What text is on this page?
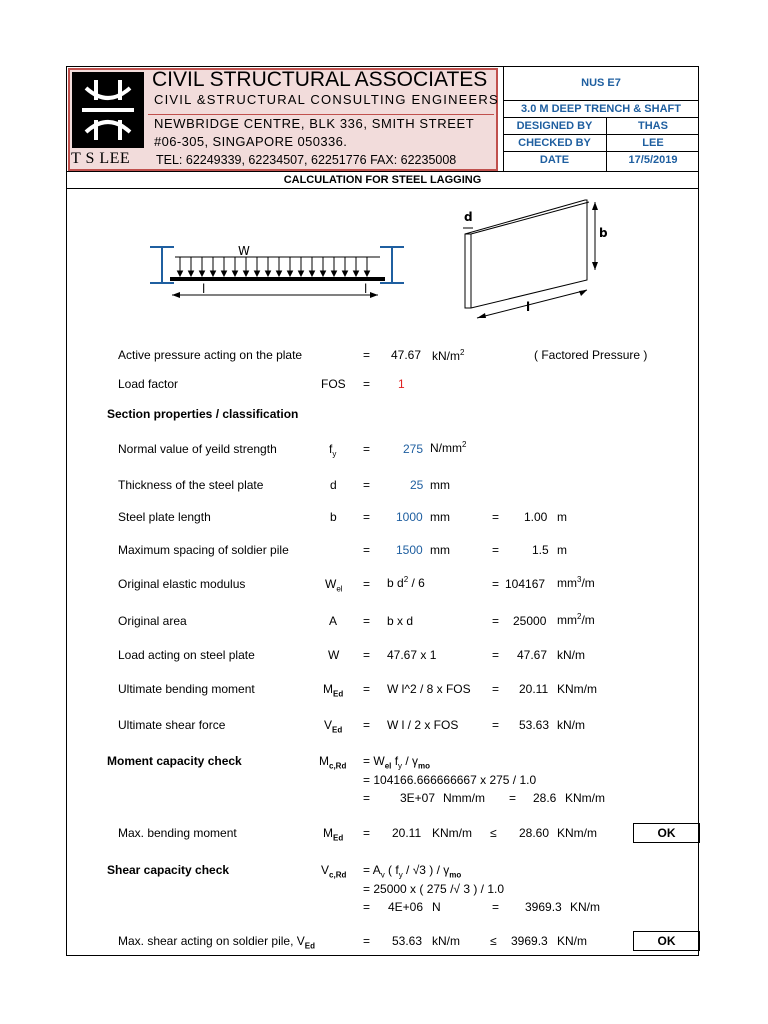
CIVIL STRUCTURAL ASSOCIATES
CIVIL &STRUCTURAL CONSULTING ENGINEERS
NEWBRIDGE CENTRE, BLK 336, SMITH STREET
#06-305, SINGAPORE 050336.
T S LEE TEL: 62249339, 62234507, 62251776 FAX: 62235008
NUS E7
3.0 M DEEP TRENCH & SHAFT
DESIGNED BY	THAS
CHECKED BY	LEE
DATE	17/5/2019
CALCULATION FOR STEEL LAGGING
W
l	l
d
b
l
Active pressure acting on the plate	= 47.67 $kN/m^2$	( Factored Pressure )
Load factor	FOS = 1
Section properties / classification
Normal value of yeild strength	$f_y$ =	275 $N/mm^2$
Thickness of the steel plate	d =	25 mm
Steel plate length	b = 1000 mm	= 1.00 m
Maximum spacing of soldier pile	= 1500 mm	=	1.5 m
Original elastic modulus	$W_{el} = b$ $d^2 / 6$	= 104167 $mm^3/m$
Original area	A = b x d	= 25000 $mm^2/m$
Load acting on steel plate	W = 47.67 x 1	= 47.67 kN/m
Ultimate bending moment	$M_{Ed} = W$ l^2 / 8 x FOS = 20.11 KNm/m
Ultimate shear force	$V_{Ed} = W$ l / 2 x FOS	= 53.63 kN/m
Moment capacity check	$M_{c,Rd} = W_{el}$ $f_y / \gamma_{mo}$
= 104166.666666667 x 275 / 1.0
= 3E+07 Nmm/m = 28.6 KNm/m
Max. bending moment	$M_{Ed} = 20.11$ KNm/m ≤ 28.60 KNm/m	OK
Shear capacity check	$V_{c,Rd} = A_v$ ( $f_y / √3$ ) / $\gamma_{mo}$
= 25000 x ( 275 /√ 3 ) / 1.0
= 4E+06 N	= 3969.3 KN/m
Max. shear acting on soldier pile, $V_{Ed}$	= 53.63 kN/m	≤ 3969.3 KN/m	OK
